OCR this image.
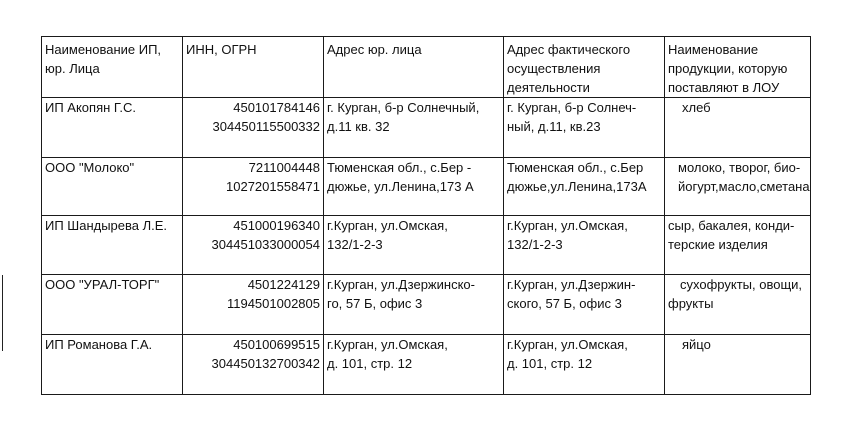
Наименование ИП,
юр. Лица	ИНН, ОГРН	Адрес юр. лица	Адрес фактического
осуществления
деятельности	Наименование
продукции, которую
поставляют в ЛОУ

ИП Акопян Г.С.	450101784146
304450115500332	г. Курган, б-р Солнечный,
д.11 кв. 32	г. Курган, б-р Солнеч-
ный, д.11, кв.23	хлеб

ООО "Молоко"	7211004448
1027201558471	Тюменская обл., с.Бер -
дюжье, ул.Ленина,173 А	Тюменская обл., с.Бер
дюжье,ул.Ленина,173А	молоко, творог, био-
йогурт,масло,сметана

ИП Шандырева Л.Е.	451000196340
304451033000054	г.Курган, ул.Омская,
132/1-2-3	г.Курган, ул.Омская,
132/1-2-3	сыр, бакалея, конди-
терские изделия

ООО "УРАЛ-ТОРГ"	4501224129
1194501002805	г.Курган, ул.Дзержинско-
го, 57 Б, офис 3	г.Курган, ул.Дзержин-
ского, 57 Б, офис 3	сухофрукты, овощи,
фрукты

ИП Романова Г.А.	450100699515
304450132700342	г.Курган, ул.Омская,
д. 101, стр. 12	г.Курган, ул.Омская,
д. 101, стр. 12	яйцо
